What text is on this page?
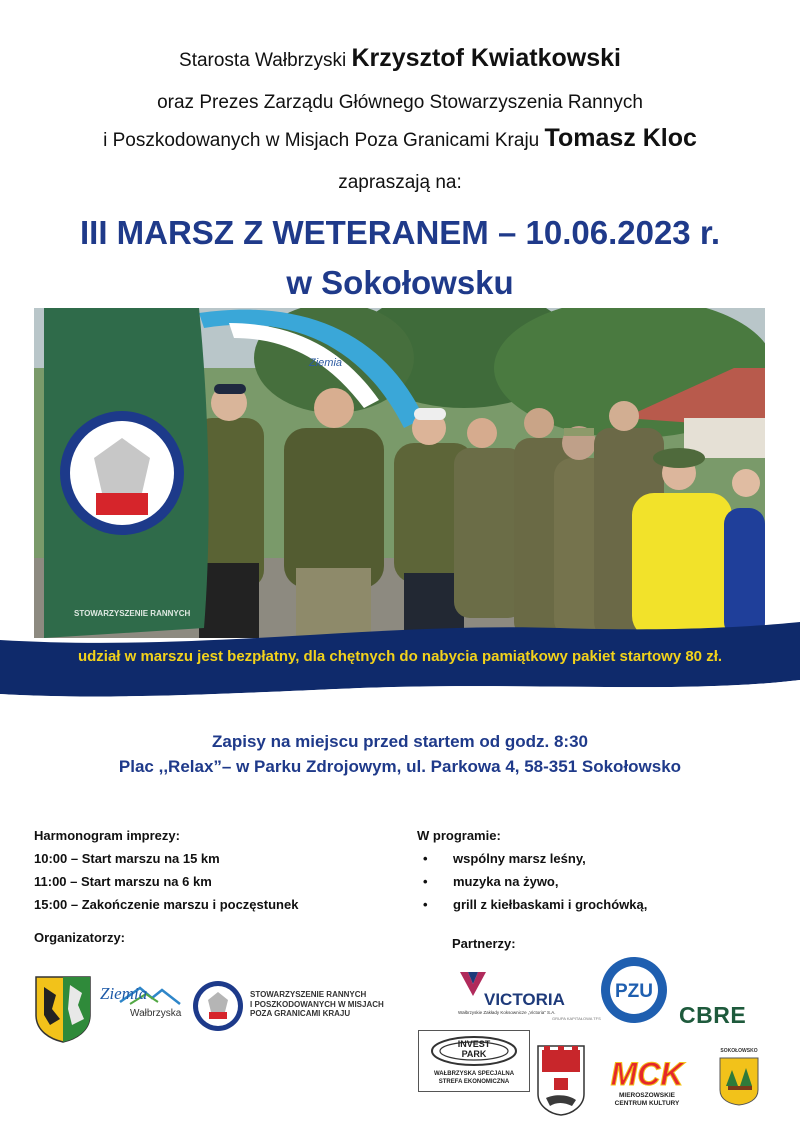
Starosta Wałbrzyski Krzysztof Kwiatkowski
oraz Prezes Zarządu Głównego Stowarzyszenia Rannych
i Poszkodowanych w Misjach Poza Granicami Kraju Tomasz Kloc
zapraszają na:
III MARSZ Z WETERANEM – 10.06.2023 r.
w Sokołowsku
STOWARZYSZENIE RANNYCH
Ziemia
udział w marszu jest bezpłatny, dla chętnych do nabycia pamiątkowy pakiet startowy 80 zł.
Zapisy na miejscu przed startem od godz. 8:30
Plac ,,Relax”– w Parku Zdrojowym, ul. Parkowa 4, 58-351 Sokołowsko
Harmonogram imprezy:
10:00 – Start marszu na 15 km
11:00 – Start marszu na 6 km
15:00 – Zakończenie marszu i poczęstunek
W programie:
• wspólny marsz leśny,
• muzyka na żywo,
• grill z kiełbaskami i grochówką,
Organizatorzy:
Ziemia
Wałbrzyska
STOWARZYSZENIE RANNYCH
I POSZKODOWANYCH W MISJACH
POZA GRANICAMI KRAJU
Partnerzy:
VICTORIA
Wałbrzyskie Zakłady Koksownicze „Victoria” S.A.
GRUPA KAPITAŁOWA TFS
PZU
CBRE
INVEST
PARK
WAŁBRZYSKA SPECJALNA
STREFA EKONOMICZNA	MCK
MIEROSZOWSKIE
CENTRUM KULTURY
SOKOŁOWSKO
